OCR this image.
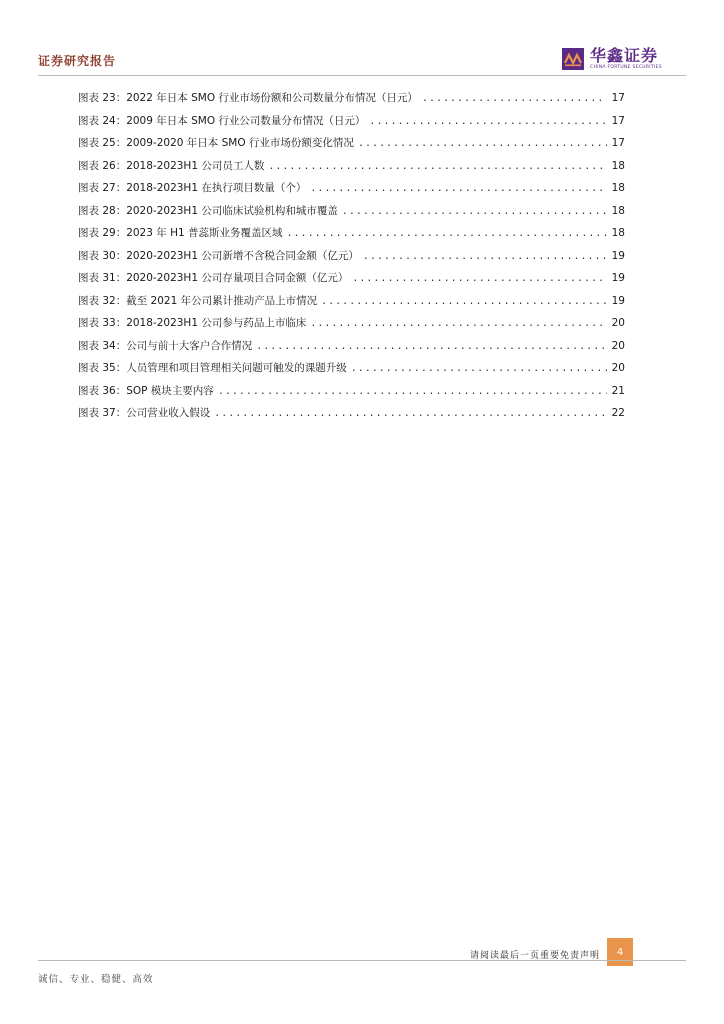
证券研究报告	华鑫证券
CHINA FORTUNE SECURITIES
图表 23：2022 年日本 SMO 行业市场份额和公司数量分布情况（日元） .....	17
图表 24：2009 年日本 SMO 行业公司数量分布情况（日元） .....	17
图表 25：2009-2020 年日本 SMO 行业市场份额变化情况 .....	17
图表 26：2018-2023H1 公司员工人数 .....	18
图表 27：2018-2023H1 在执行项目数量（个） .....	18
图表 28：2020-2023H1 公司临床试验机构和城市覆盖 .....	18
图表 29：2023 年 H1 普蕊斯业务覆盖区域 .....	18
图表 30：2020-2023H1 公司新增不含税合同金额（亿元） .....	19
图表 31：2020-2023H1 公司存量项目合同金额（亿元） .....	19
图表 32：截至 2021 年公司累计推动产品上市情况 .....	19
图表 33：2018-2023H1 公司参与药品上市临床 .....	20
图表 34：公司与前十大客户合作情况 .....	20
图表 35：人员管理和项目管理相关问题可触发的课题升级 .....	20
图表 36：SOP 模块主要内容 .....	21
图表 37：公司营业收入假设 .....	22
请阅读最后一页重要免责声明	4
诚信、专业、稳健、高效
